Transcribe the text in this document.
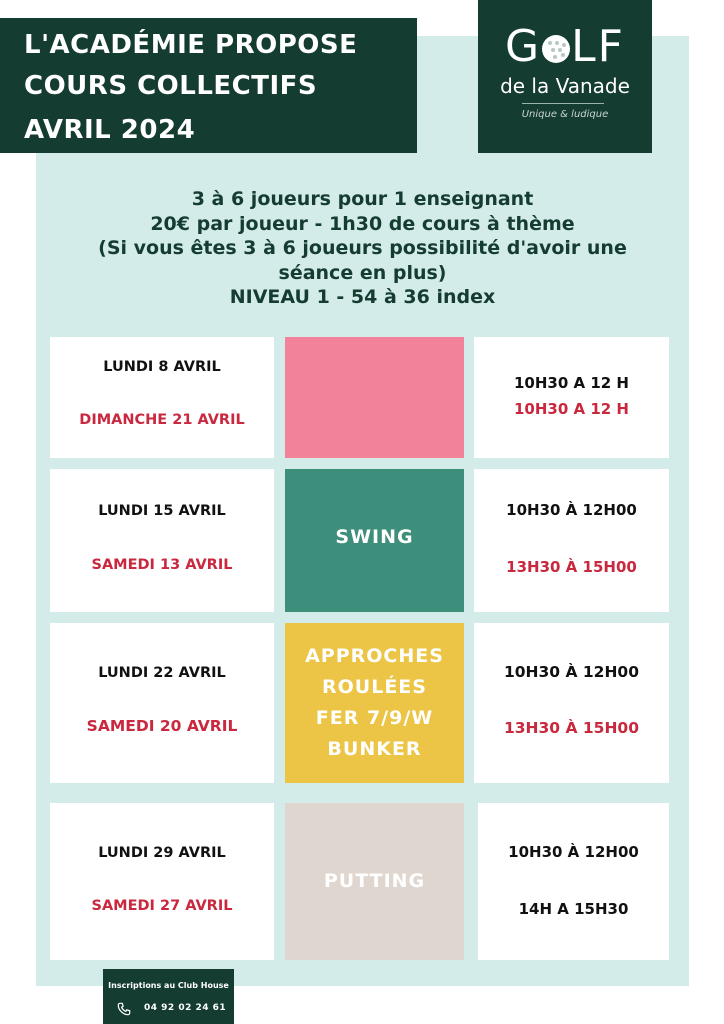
L'ACADÉMIE PROPOSE
COURS COLLECTIFS
AVRIL 2024
G LF
de la Vanade
Unique & ludique
3 à 6 joueurs pour 1 enseignant
20€ par joueur - 1h30 de cours à thème
(Si vous êtes 3 à 6 joueurs possibilité d'avoir une
séance en plus)
NIVEAU 1 - 54 à 36 index
LUNDI 8 AVRIL
DIMANCHE 21 AVRIL
10H30 A 12 H
10H30 A 12 H
LUNDI 15 AVRIL
SAMEDI 13 AVRIL
SWING
10H30 À 12H00
13H30 À 15H00
LUNDI 22 AVRIL
SAMEDI 20 AVRIL
APPROCHES
ROULÉES
FER 7/9/W
BUNKER
10H30 À 12H00
13H30 À 15H00
LUNDI 29 AVRIL
SAMEDI 27 AVRIL
PUTTING
10H30 À 12H00
14H A 15H30
Inscriptions au Club House
04 92 02 24 61
